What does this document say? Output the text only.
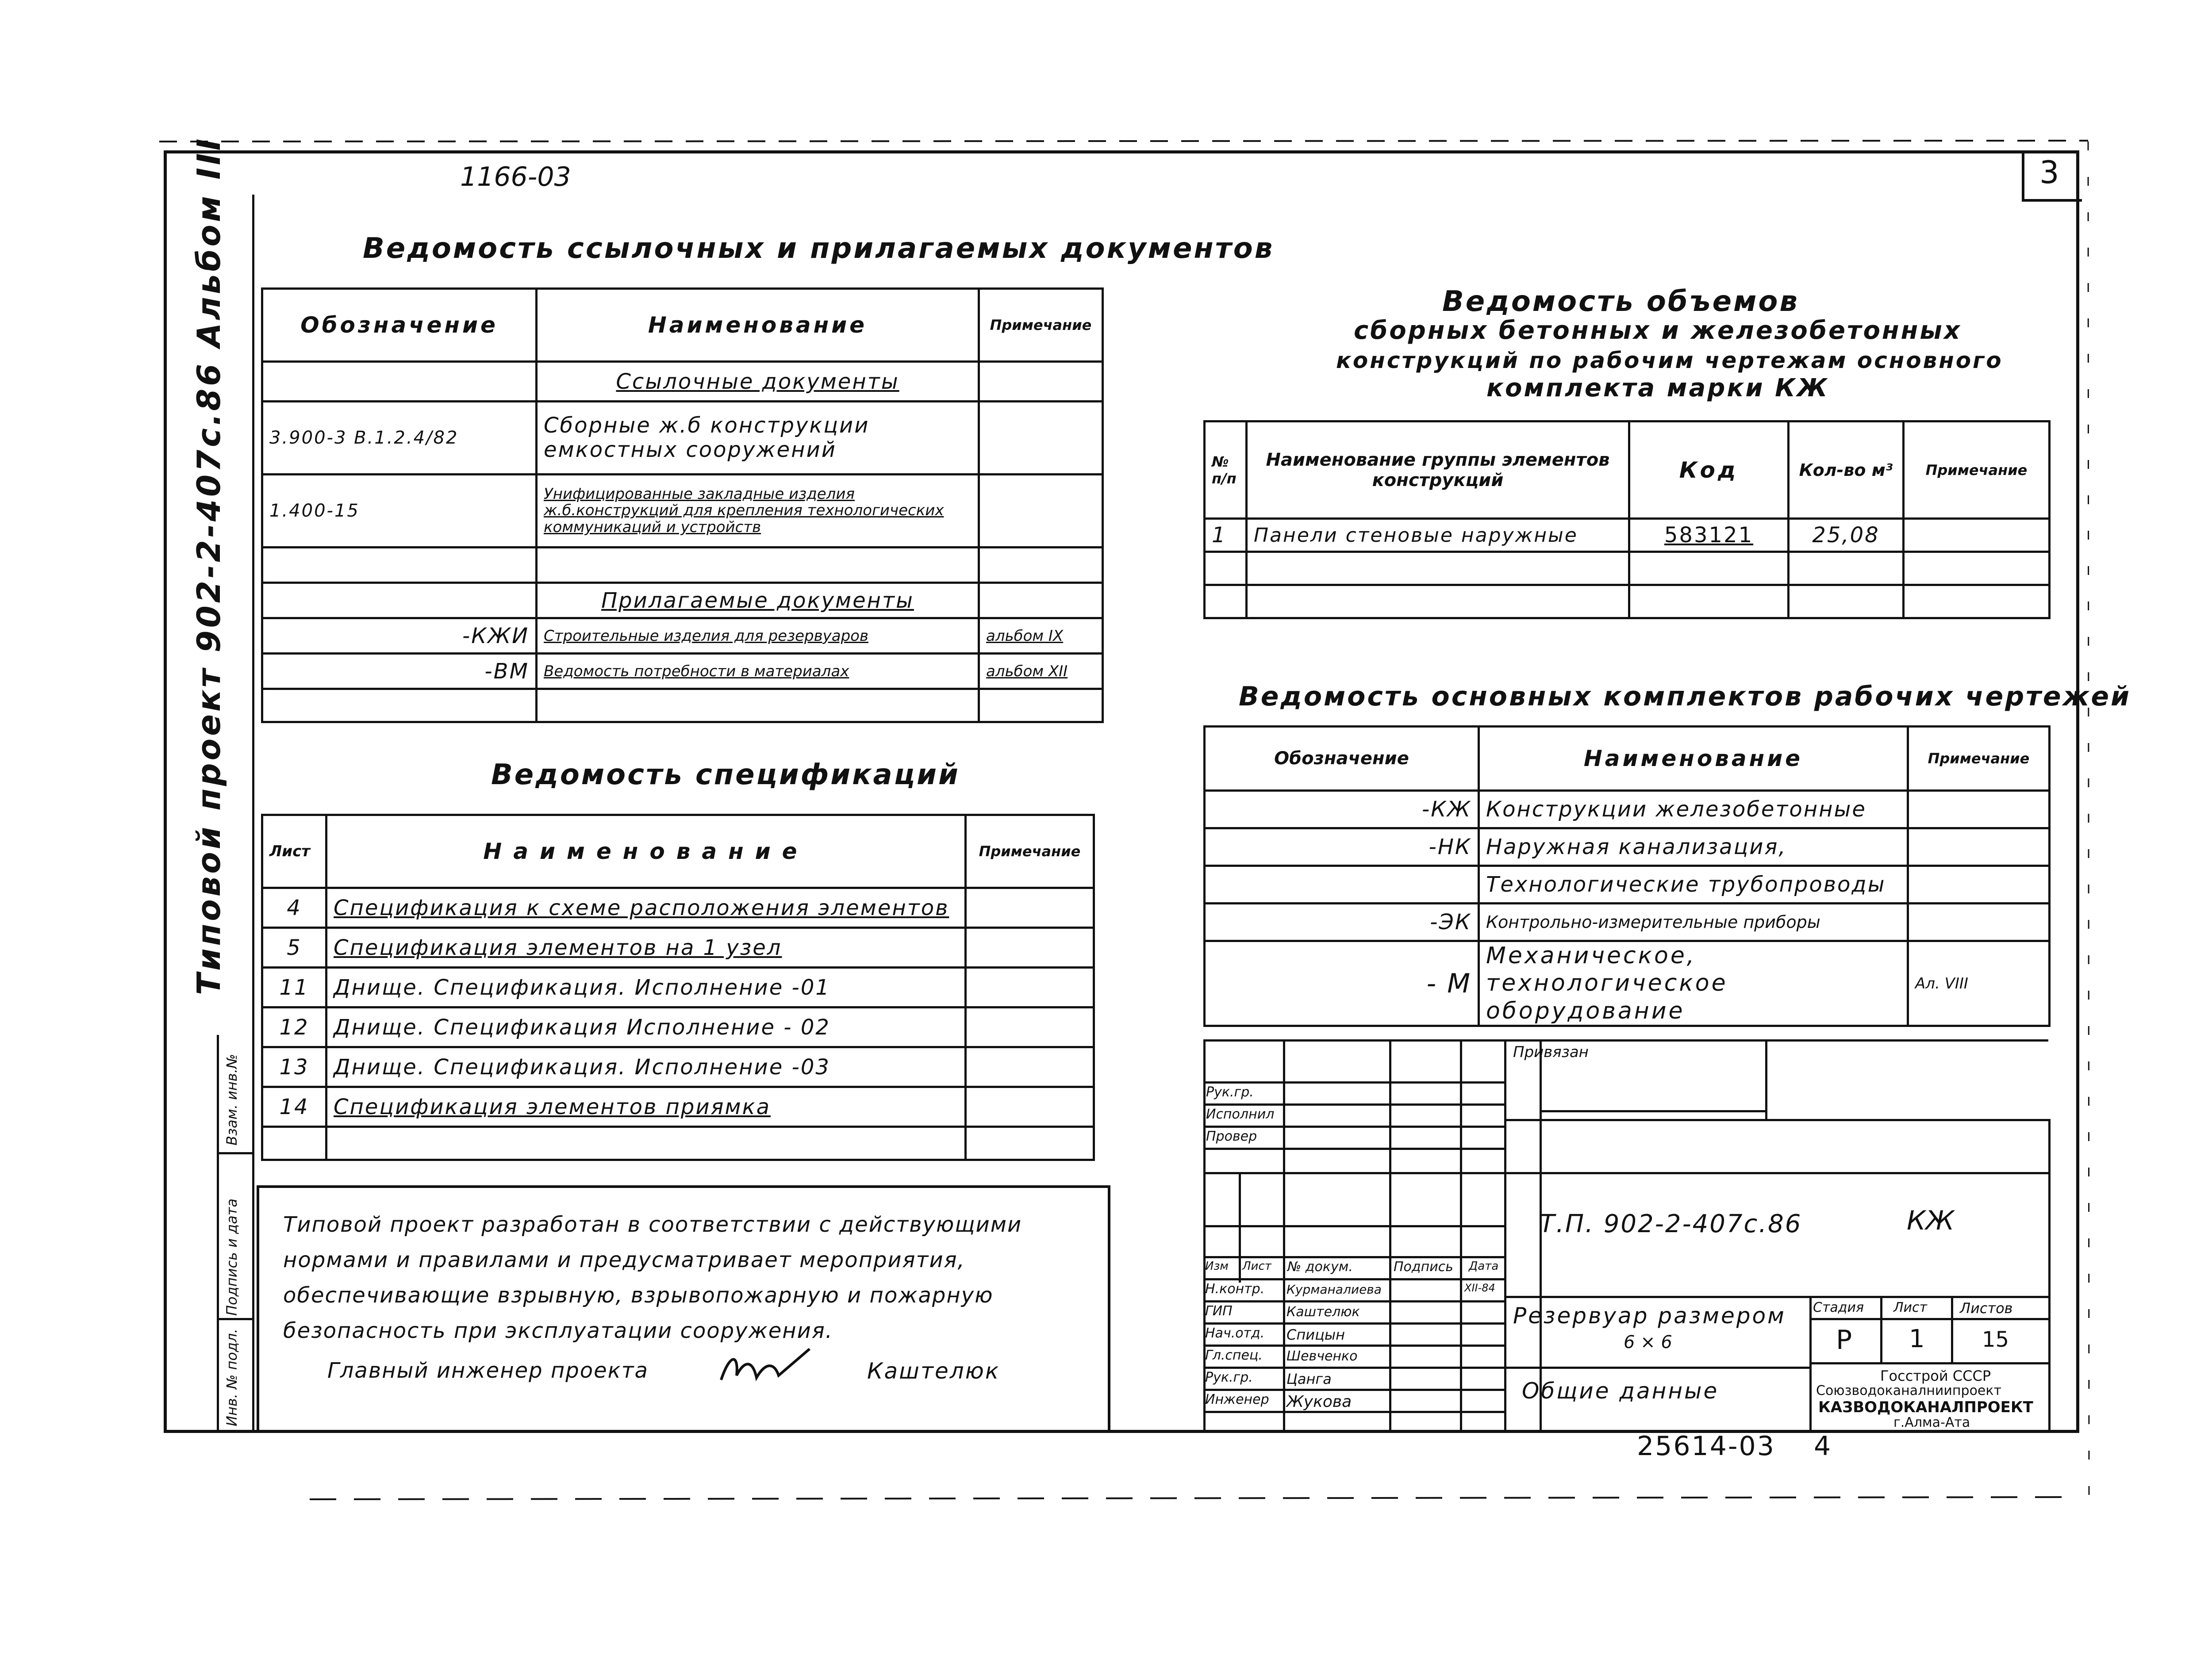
1166-03	3
Типовой проект 902-2-407с.86 Альбом III
Инв. № подл.
Подпись и дата
Взам. инв.№
Ведомость ссылочных и прилагаемых документов
Обозначение	Наименование	Примечание
	Ссылочные документы	
3.900-3 В.1.2.4/82	Сборные ж.б конструкции емкостных сооружений	
1.400-15	Унифицированные закладные изделия ж.б.конструкций для крепления технологических коммуникаций и устройств	

	Прилагаемые документы	
-КЖИ	Строительные изделия для резервуаров	альбом IX
-ВМ	Ведомость потребности в материалах	альбом XII

Ведомость спецификаций
Лист	Наименование	Примечание
4	Спецификация к схеме расположения элементов	
5	Спецификация элементов на 1 узел	
11	Днище. Спецификация. Исполнение -01	
12	Днище. Спецификация Исполнение - 02	
13	Днище. Спецификация. Исполнение -03	
14	Спецификация элементов приямка	

Типовой проект разработан в соответствии с действующими
нормами и правилами и предусматривает мероприятия,
обеспечивающие взрывную, взрывопожарную и пожарную
безопасность при эксплуатации сооружения.
Главный инженер проекта	Каштелюк
Ведомость объемов
сборных бетонных и железобетонных
конструкций по рабочим чертежам основного
комплекта марки КЖ
№ п/п	Наименование группы элементов конструкций	Код	Кол-во м³	Примечание
1	Панели стеновые наружные	583121	25,08	

Ведомость основных комплектов рабочих чертежей
Обозначение	Наименование	Примечание
-КЖ	Конструкции железобетонные	
-НК	Наружная канализация,	
	Технологические трубопроводы	
-ЭК	Контрольно-измерительные приборы	
- М	Механическое, технологическое оборудование	Ал. VIII
Привязан
Рук.гр.
Исполнил
Провер
Т.П. 902-2-407с.86	КЖ
Изм Лист № докум.	Подпись Дата
XII-84
Н.контр. Курманалиева
ГИП	Каштелюк
Нач.отд. Спицын
Гл.спец. Шевченко
Рук.гр. Цанга
Инженер Жукова
Резервуар размером
6 × 6
Общие данные
Стадия Лист Листов
Р 1	15
Госстрой СССР
Союзводоканалниипроект
КАЗВОДОКАНАЛПРОЕКТ
г.Алма-Ата
25614-03 4
